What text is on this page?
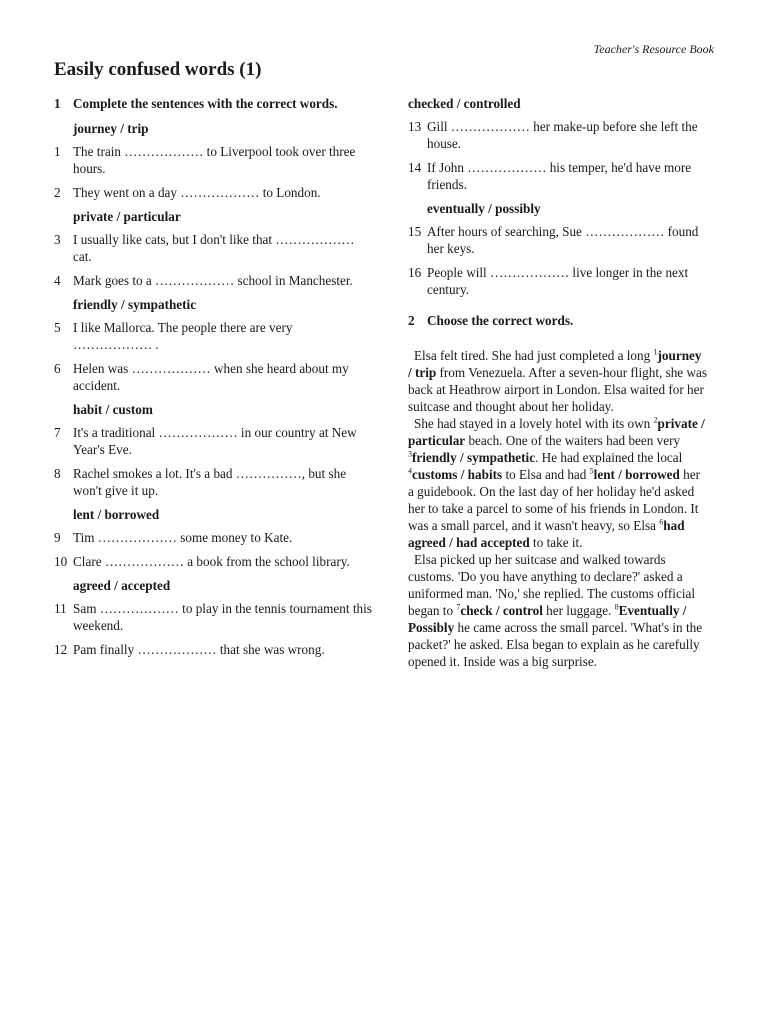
Teacher's Resource Book
Easily confused words (1)
1 Complete the sentences with the correct words.
journey / trip
1 The train ……………… to Liverpool took over three hours.
2 They went on a day ……………… to London.
private / particular
3 I usually like cats, but I don't like that ……………… cat.
4 Mark goes to a ……………… school in Manchester.
friendly / sympathetic
5 I like Mallorca. The people there are very ……………… .
6 Helen was ……………… when she heard about my accident.
habit / custom
7 It's a traditional ……………… in our country at New Year's Eve.
8 Rachel smokes a lot. It's a bad ……………, but she won't give it up.
lent / borrowed
9 Tim ……………… some money to Kate.
10 Clare ……………… a book from the school library.
agreed / accepted
11 Sam ……………… to play in the tennis tournament this weekend.
12 Pam finally ……………… that she was wrong.
checked / controlled
13 Gill ……………… her make-up before she left the house.
14 If John ……………… his temper, he'd have more friends.
eventually / possibly
15 After hours of searching, Sue ……………… found her keys.
16 People will ……………… live longer in the next century.
2 Choose the correct words.

Elsa felt tired. She had just completed a long $^1$journey / trip from Venezuela. After a seven-hour flight, she was back at Heathrow airport in London. Elsa waited for her suitcase and thought about her holiday.

She had stayed in a lovely hotel with its own $^2$private / particular beach. One of the waiters had been very $^3$friendly / sympathetic. He had explained the local $^4$customs / habits to Elsa and had $^5$lent / borrowed her a guidebook. On the last day of her holiday he'd asked her to take a parcel to some of his friends in London. It was a small parcel, and it wasn't heavy, so Elsa $^6$had agreed / had accepted to take it.

Elsa picked up her suitcase and walked towards customs. 'Do you have anything to declare?' asked a uniformed man. 'No,' she replied. The customs official began to $^7$check / control her luggage. $^8$Eventually / Possibly he came across the small parcel. 'What's in the packet?' he asked. Elsa began to explain as he carefully opened it. Inside was a big surprise.
